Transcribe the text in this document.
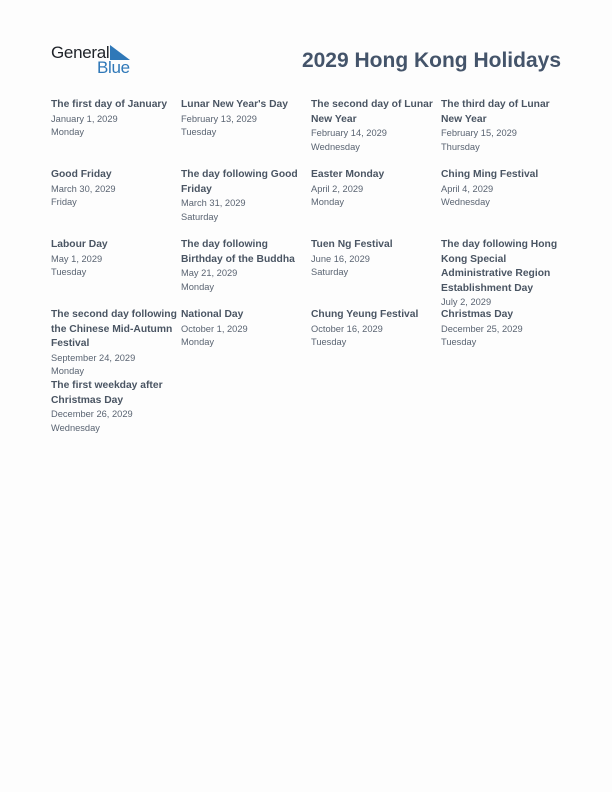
General
Blue	2029 Hong Kong Holidays
The first day of January
January 1, 2029
Monday
Lunar New Year's Day
February 13, 2029
Tuesday
The second day of Lunar New Year
February 14, 2029
Wednesday
The third day of Lunar New Year
February 15, 2029
Thursday
Good Friday
March 30, 2029
Friday
The day following Good Friday
March 31, 2029
Saturday
Easter Monday
April 2, 2029
Monday
Ching Ming Festival
April 4, 2029
Wednesday
Labour Day
May 1, 2029
Tuesday
The day following Birthday of the Buddha
May 21, 2029
Monday
Tuen Ng Festival
June 16, 2029
Saturday
The day following Hong Kong Special Administrative Region Establishment Day
July 2, 2029
The second day following the Chinese Mid-Autumn Festival
September 24, 2029
Monday
National Day
October 1, 2029
Monday
Chung Yeung Festival
October 16, 2029
Tuesday
Christmas Day
December 25, 2029
Tuesday
The first weekday after Christmas Day
December 26, 2029
Wednesday
